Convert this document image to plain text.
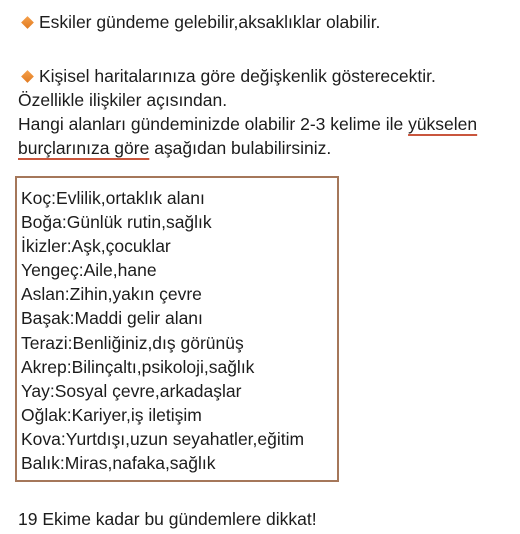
Eskiler gündeme gelebilir,aksaklıklar olabilir.
Kişisel haritalarınıza göre değişkenlik gösterecektir.
Özellikle ilişkiler açısından.
Hangi alanları gündeminizde olabilir 2-3 kelime ile yükselen
burçlarınıza göre aşağıdan bulabilirsiniz.
Koç:Evlilik,ortaklık alanı
Boğa:Günlük rutin,sağlık
İkizler:Aşk,çocuklar
Yengeç:Aile,hane
Aslan:Zihin,yakın çevre
Başak:Maddi gelir alanı
Terazi:Benliğiniz,dış görünüş
Akrep:Bilinçaltı,psikoloji,sağlık
Yay:Sosyal çevre,arkadaşlar
Oğlak:Kariyer,iş iletişim
Kova:Yurtdışı,uzun seyahatler,eğitim
Balık:Miras,nafaka,sağlık
19 Ekime kadar bu gündemlere dikkat!
